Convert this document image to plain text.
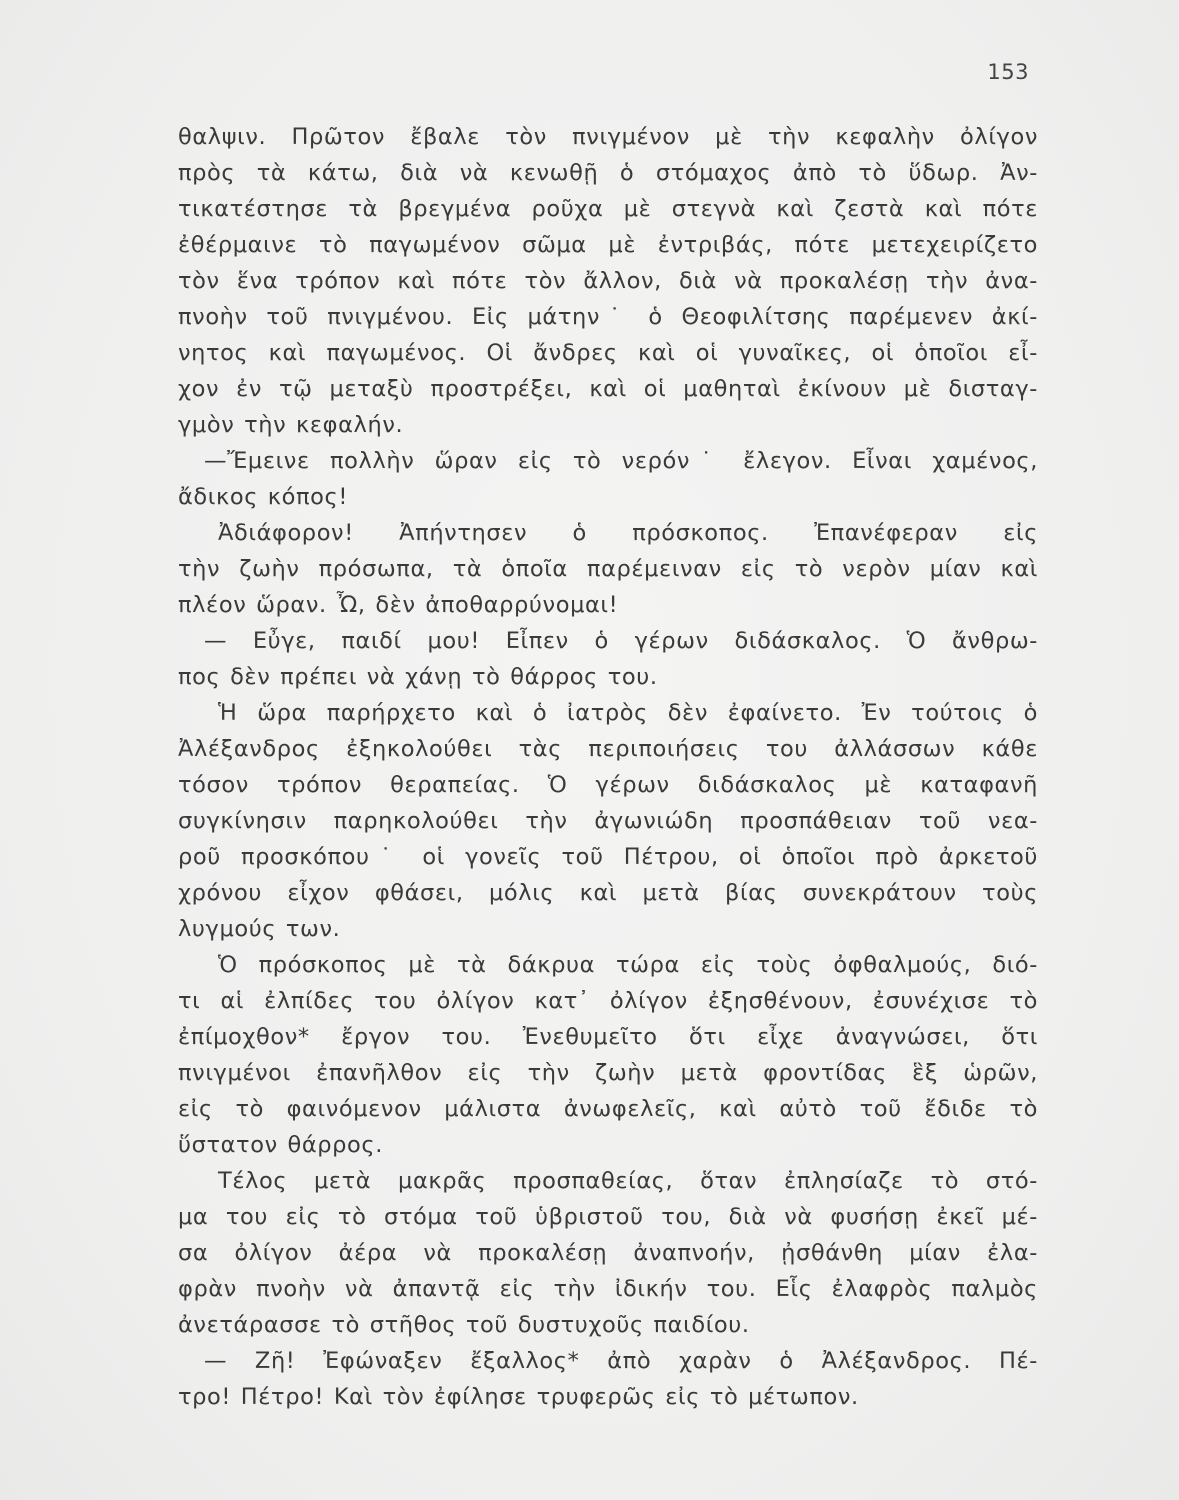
153
θαλψιν. Πρῶτον ἔβαλε τὸν πνιγμένον μὲ τὴν κεφαλὴν ὀλίγον
πρὸς τὰ κάτω, διὰ νὰ κενωθῇ ὁ στόμαχος ἀπὸ τὸ ὕδωρ. Ἀν-
τικατέστησε τὰ βρεγμένα ροῦχα μὲ στεγνὰ καὶ ζεστὰ καὶ πότε
ἐθέρμαινε τὸ παγωμένον σῶμα μὲ ἐντριβάς, πότε μετεχειρίζετο
τὸν ἕνα τρόπον καὶ πότε τὸν ἄλλον, διὰ νὰ προκαλέσῃ τὴν ἀνα-
πνοὴν τοῦ πνιγμένου. Εἰς μάτην˙ ὁ Θεοφιλίτσης παρέμενεν ἀκί-
νητος καὶ παγωμένος. Οἱ ἄνδρες καὶ οἱ γυναῖκες, οἱ ὁποῖοι εἶ-
χον ἐν τῷ μεταξὺ προστρέξει, καὶ οἱ μαθηταὶ ἐκίνουν μὲ δισταγ-
γμὸν τὴν κεφαλήν.
—Ἔμεινε πολλὴν ὥραν εἰς τὸ νερόν˙ ἔλεγον. Εἶναι χαμένος,
ἄδικος κόπος!
Ἀδιάφορον! Ἀπήντησεν ὁ πρόσκοπος. Ἐπανέφεραν εἰς
τὴν ζωὴν πρόσωπα, τὰ ὁποῖα παρέμειναν εἰς τὸ νερὸν μίαν καὶ
πλέον ὥραν. Ὦ, δὲν ἀποθαρρύνομαι!
— Εὖγε, παιδί μου! Εἶπεν ὁ γέρων διδάσκαλος. Ὁ ἄνθρω-
πος δὲν πρέπει νὰ χάνῃ τὸ θάρρος του.
Ἡ ὥρα παρήρχετο καὶ ὁ ἰατρὸς δὲν ἐφαίνετο. Ἐν τούτοις ὁ
Ἀλέξανδρος ἐξηκολούθει τὰς περιποιήσεις του ἀλλάσσων κάθε
τόσον τρόπον θεραπείας. Ὁ γέρων διδάσκαλος μὲ καταφανῆ
συγκίνησιν παρηκολούθει τὴν ἀγωνιώδη προσπάθειαν τοῦ νεα-
ροῦ προσκόπου˙ οἱ γονεῖς τοῦ Πέτρου, οἱ ὁποῖοι πρὸ ἀρκετοῦ
χρόνου εἶχον φθάσει, μόλις καὶ μετὰ βίας συνεκράτουν τοὺς
λυγμούς των.
Ὁ πρόσκοπος μὲ τὰ δάκρυα τώρα εἰς τοὺς ὀφθαλμούς, διό-
τι αἱ ἐλπίδες του ὀλίγον κατ᾿ ὀλίγον ἐξησθένουν, ἐσυνέχισε τὸ
ἐπίμοχθον* ἔργον του. Ἐνεθυμεῖτο ὅτι εἶχε ἀναγνώσει, ὅτι
πνιγμένοι ἐπανῆλθον εἰς τὴν ζωὴν μετὰ φροντίδας ἓξ ὡρῶν,
εἰς τὸ φαινόμενον μάλιστα ἀνωφελεῖς, καὶ αὐτὸ τοῦ ἔδιδε τὸ
ὕστατον θάρρος.
Τέλος μετὰ μακρᾶς προσπαθείας, ὅταν ἐπλησίαζε τὸ στό-
μα του εἰς τὸ στόμα τοῦ ὑβριστοῦ του, διὰ νὰ φυσήσῃ ἐκεῖ μέ-
σα ὀλίγον ἀέρα νὰ προκαλέσῃ ἀναπνοήν, ᾐσθάνθη μίαν ἐλα-
φρὰν πνοὴν νὰ ἀπαντᾷ εἰς τὴν ἰδικήν του. Εἷς ἐλαφρὸς παλμὸς
ἀνετάρασσε τὸ στῆθος τοῦ δυστυχοῦς παιδίου.
— Ζῆ! Ἐφώναξεν ἔξαλλος* ἀπὸ χαρὰν ὁ Ἀλέξανδρος. Πέ-
τρο! Πέτρο! Καὶ τὸν ἐφίλησε τρυφερῶς εἰς τὸ μέτωπον.
